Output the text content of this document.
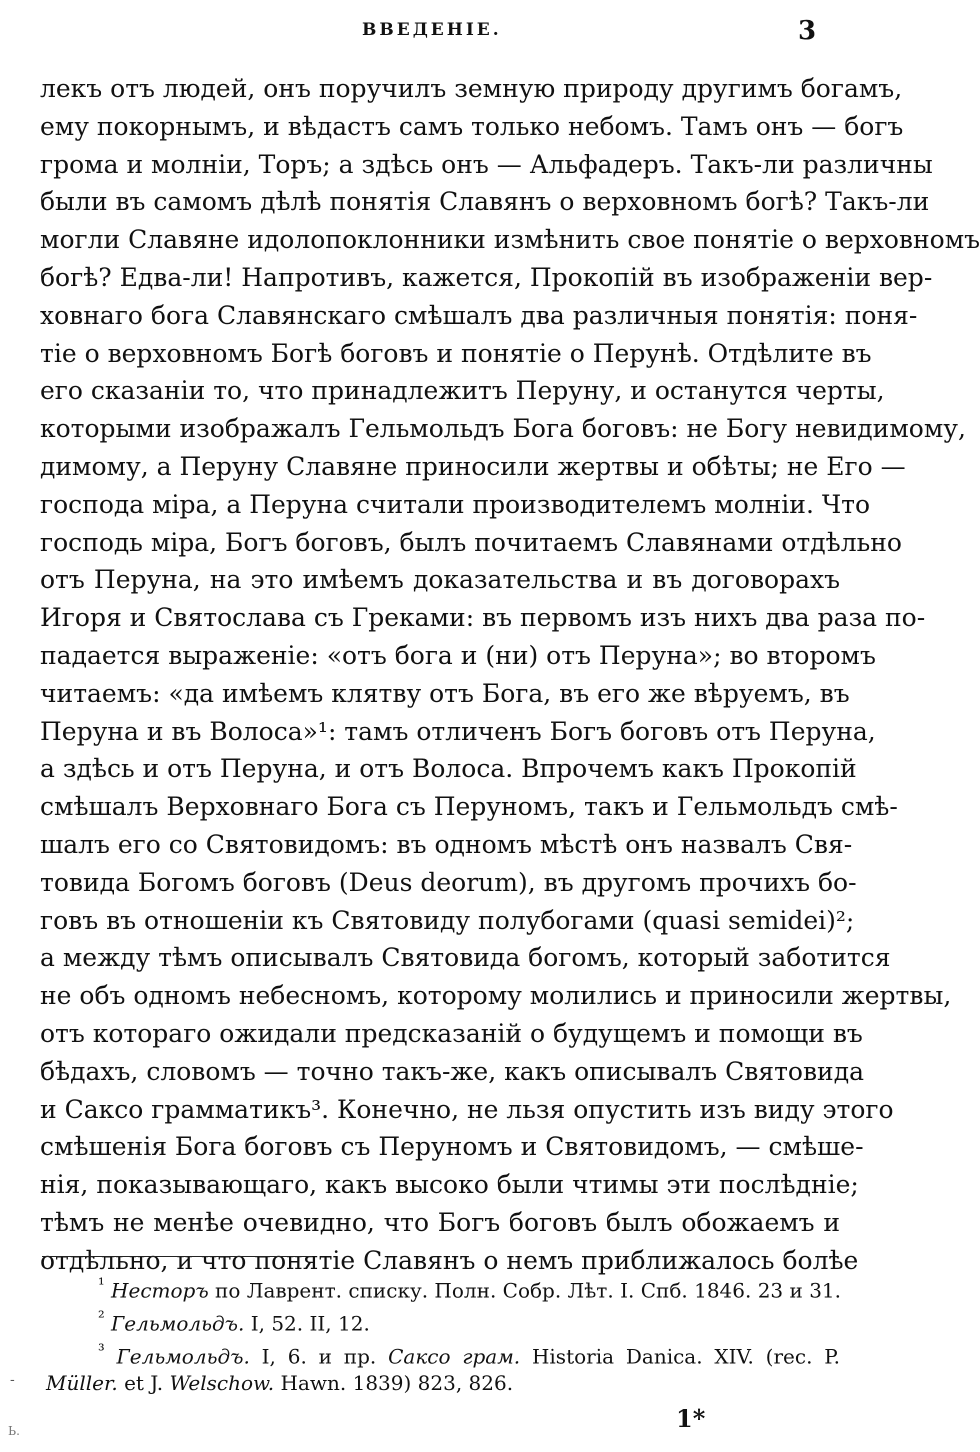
ВВЕДЕНІЕ.	3
лекъ отъ людей, онъ поручилъ земную природу другимъ богамъ,
ему покорнымъ, и вѣдастъ самъ только небомъ. Тамъ онъ — богъ
грома и молніи, Торъ; а здѣсь онъ — Альфадеръ. Такъ-ли различны
были въ самомъ дѣлѣ понятія Славянъ о верховномъ богѣ? Такъ-ли
могли Славяне идолопоклонники измѣнить свое понятіе о верховномъ
богѣ? Едва-ли! Напротивъ, кажется, Прокопій въ изображеніи вер-
ховнаго бога Славянскаго смѣшалъ два различныя понятія: поня-
тіе о верховномъ Богѣ боговъ и понятіе о Перунѣ. Отдѣлите въ
его сказаніи то, что принадлежитъ Перуну, и останутся черты,
которыми изображалъ Гельмольдъ Бога боговъ: не Богу невидимому,
димому, а Перуну Славяне приносили жертвы и обѣты; не Его —
господа міра, а Перуна считали производителемъ молніи. Что
господь міра, Богъ боговъ, былъ почитаемъ Славянами отдѣльно
отъ Перуна, на это имѣемъ доказательства и въ договорахъ
Игоря и Святослава съ Греками: въ первомъ изъ нихъ два раза по-
падается выраженіе: «отъ бога и (ни) отъ Перуна»; во второмъ
читаемъ: «да имѣемъ клятву отъ Бога, въ его же вѣруемъ, въ
Перуна и въ Волоса»¹: тамъ отличенъ Богъ боговъ отъ Перуна,
а здѣсь и отъ Перуна, и отъ Волоса. Впрочемъ какъ Прокопій
смѣшалъ Верховнаго Бога съ Перуномъ, такъ и Гельмольдъ смѣ-
шалъ его со Святовидомъ: въ одномъ мѣстѣ онъ назвалъ Свя-
товида Богомъ боговъ (Deus deorum), въ другомъ прочихъ бо-
говъ въ отношеніи къ Святовиду полубогами (quasi semidei)²;
а между тѣмъ описывалъ Святовида богомъ, который заботится
не объ одномъ небесномъ, которому молились и приносили жертвы,
отъ котораго ожидали предсказаній о будущемъ и помощи въ
бѣдахъ, словомъ — точно такъ-же, какъ описывалъ Святовида
и Саксо грамматикъ³. Конечно, не льзя опустить изъ виду этого
смѣшенія Бога боговъ съ Перуномъ и Святовидомъ, — смѣше-
нія, показывающаго, какъ высоко были чтимы эти послѣдніе;
тѣмъ не менѣе очевидно, что Богъ боговъ былъ обожаемъ и
отдѣльно, и что понятіе Славянъ о немъ приближалось болѣе
$^{^1}$ Несторъ по Лаврент. списку. Полн. Собр. Лѣт. I. Спб. 1846. 23 и 31.
$^{^2}$ Гельмольдъ. I, 52. II, 12.
$^{^3}$ Гельмольдъ. I, 6. и пр. Саксо грам. Historia Danica. XIV. (rec. P.
Müller. et J. Welschow. Hawn. 1839) 823, 826.
-
1*
Ь.
